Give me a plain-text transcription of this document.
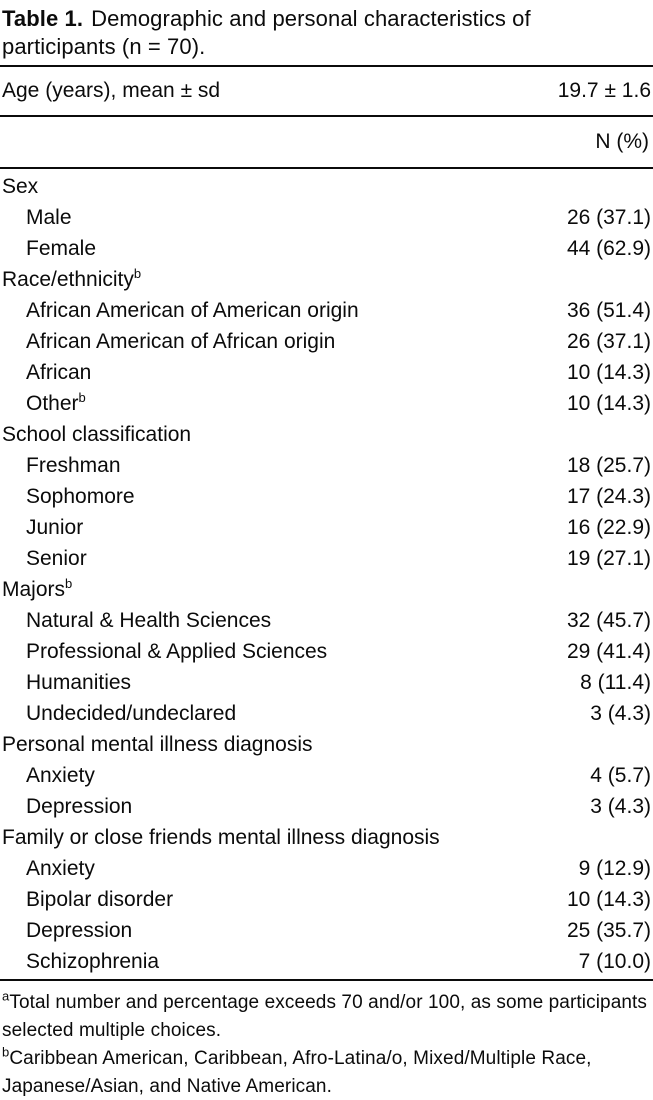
Table 1. Demographic and personal characteristics of participants (n = 70).
Age (years), mean ± sd	19.7 ± 1.6
N (%)
Sex
Male	26 (37.1)
Female	44 (62.9)
Race/ethnicity$^b$
African American of American origin	36 (51.4)
African American of African origin	26 (37.1)
African	10 (14.3)
Other$^b$	10 (14.3)
School classification
Freshman	18 (25.7)
Sophomore	17 (24.3)
Junior	16 (22.9)
Senior	19 (27.1)
Majors$^b$
Natural & Health Sciences	32 (45.7)
Professional & Applied Sciences	29 (41.4)
Humanities	8 (11.4)
Undecided/undeclared	3 (4.3)
Personal mental illness diagnosis
Anxiety	4 (5.7)
Depression	3 (4.3)
Family or close friends mental illness diagnosis
Anxiety	9 (12.9)
Bipolar disorder	10 (14.3)
Depression	25 (35.7)
Schizophrenia	7 (10.0)
$^a$Total number and percentage exceeds 70 and/or 100, as some participants selected multiple choices.
$^b$Caribbean American, Caribbean, Afro-Latina/o, Mixed/Multiple Race, Japanese/Asian, and Native American.
